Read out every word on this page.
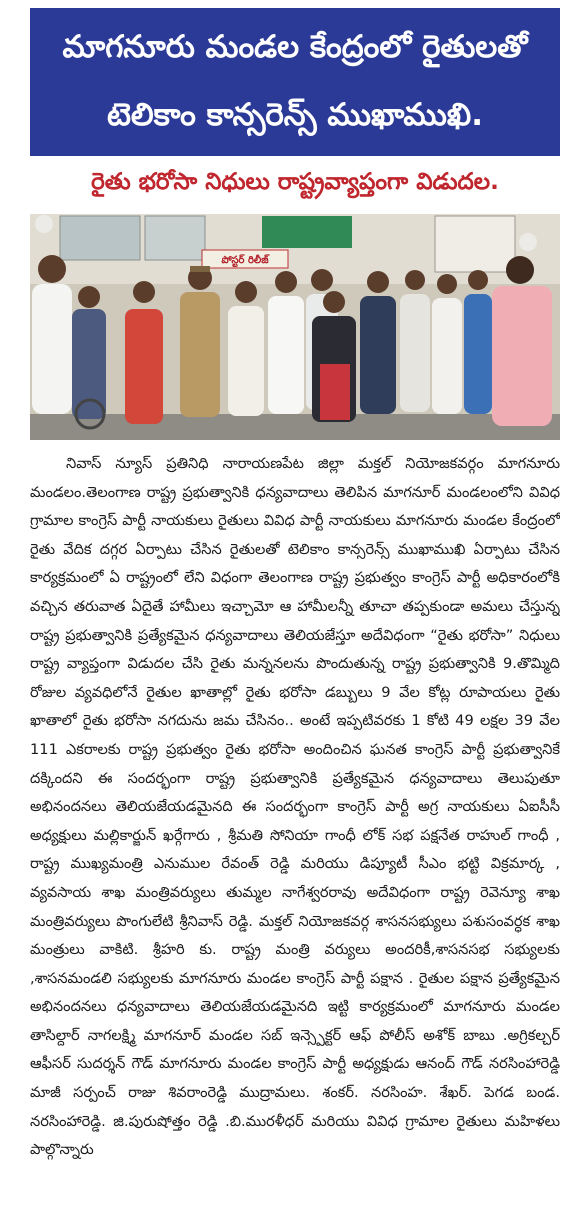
మాగనూరు మండల కేంద్రంలో రైతులతో
టెలికాం కాన్సరెన్స్ ముఖాముఖి.
రైతు భరోసా నిధులు రాష్ట్రవ్యాప్తంగా విడుదల.
పోస్టర్ రిలీజ్

నివాస్ న్యూస్ ప్రతినిధి నారాయణపేట జిల్లా మక్తల్ నియోజకవర్గం మాగనూరు మండలం.తెలంగాణ రాష్ట్ర ప్రభుత్వానికి ధన్యవాదాలు తెలిపిన మాగనూర్ మండలంలోని వివిధ గ్రామాల కాంగ్రెస్ పార్టీ నాయకులు రైతులు వివిధ పార్టీ నాయకులు మాగనూరు మండల కేంద్రంలో రైతు వేదిక దగ్గర ఏర్పాటు చేసిన రైతులతో టెలికాం కాన్సరెన్స్ ముఖాముఖి ఏర్పాటు చేసిన కార్యక్రమంలో ఏ రాష్ట్రంలో లేని విధంగా తెలంగాణ రాష్ట్ర ప్రభుత్వం కాంగ్రెస్ పార్టీ అధికారంలోకి వచ్చిన తరువాత ఏదైతే హామీలు ఇచ్చామో ఆ హామీలన్నీ తూచా తప్పకుండా అమలు చేస్తున్న రాష్ట్ర ప్రభుత్వానికి ప్రత్యేకమైన ధన్యవాదాలు తెలియజేస్తూ అదేవిధంగా “రైతు భరోసా” నిధులు రాష్ట్ర వ్యాప్తంగా విడుదల చేసి రైతు మన్ననలను పొందుతున్న రాష్ట్ర ప్రభుత్వానికి 9.తొమ్మిది రోజుల వ్యవధిలోనే రైతుల ఖాతాల్లో రైతు భరోసా డబ్బులు 9 వేల కోట్ల రూపాయలు రైతు ఖాతాలో రైతు భరోసా నగదును జమ చేసినం.. అంటే ఇప్పటివరకు 1 కోటి 49 లక్షల 39 వేల 111 ఎకరాలకు రాష్ట్ర ప్రభుత్వం రైతు భరోసా అందించిన ఘనత కాంగ్రెస్ పార్టీ ప్రభుత్వానికే దక్కిందని ఈ సందర్భంగా రాష్ట్ర ప్రభుత్వానికి ప్రత్యేకమైన ధన్యవాదాలు తెలుపుతూ అభినందనలు తెలియజేయడమైనది ఈ సందర్భంగా కాంగ్రెస్ పార్టీ అగ్ర నాయకులు ఏఐసీసీ అధ్యక్షులు మల్లికార్జున్ ఖర్గేగారు , శ్రీమతి సోనియా గాంధీ లోక్ సభ పక్షనేత రాహుల్ గాంధీ , రాష్ట్ర ముఖ్యమంత్రి ఎనుముల రేవంత్ రెడ్డి మరియు డిప్యూటీ సీఎం భట్టి విక్రమార్క , వ్యవసాయ శాఖ మంత్రివర్యులు తుమ్మల నాగేశ్వరరావు అదేవిధంగా రాష్ట్ర రెవెన్యూ శాఖ మంత్రివర్యులు పొంగులేటి శ్రీనివాస్ రెడ్డి. మక్తల్ నియోజకవర్గ శాసనసభ్యులు పశుసంవర్ధక శాఖ మంత్రులు వాకిటి. శ్రీహరి కు. రాష్ట్ర మంత్రి వర్యులు అందరికీ,శాసనసభ సభ్యులకు ,శాసనమండలి సభ్యులకు మాగనూరు మండల కాంగ్రెస్ పార్టీ పక్షాన . రైతుల పక్షాన ప్రత్యేకమైన అభినందనలు ధన్యవాదాలు తెలియజేయడమైనది ఇట్టి కార్యక్రమంలో మాగనూరు మండల తాసిల్దార్ నాగలక్ష్మి మాగనూర్ మండల సబ్ ఇన్స్పెక్టర్ ఆఫ్ పోలీస్ అశోక్ బాబు .అగ్రికల్చర్ ఆఫీసర్ సుదర్శన్ గౌడ్ మాగనూరు మండల కాంగ్రెస్ పార్టీ అధ్యక్షుడు ఆనంద్ గౌడ్ నరసింహారెడ్డి మాజీ సర్పంచ్ రాజు శివరాంరెడ్డి ముద్రామలు. శంకర్. నరసింహ. శేఖర్. పెగడ బండ. నరసింహారెడ్డి. జి.పురుషోత్తం రెడ్డి .బి.మురళీధర్ మరియు వివిధ గ్రామాల రైతులు మహిళలు పాల్గొన్నారు
